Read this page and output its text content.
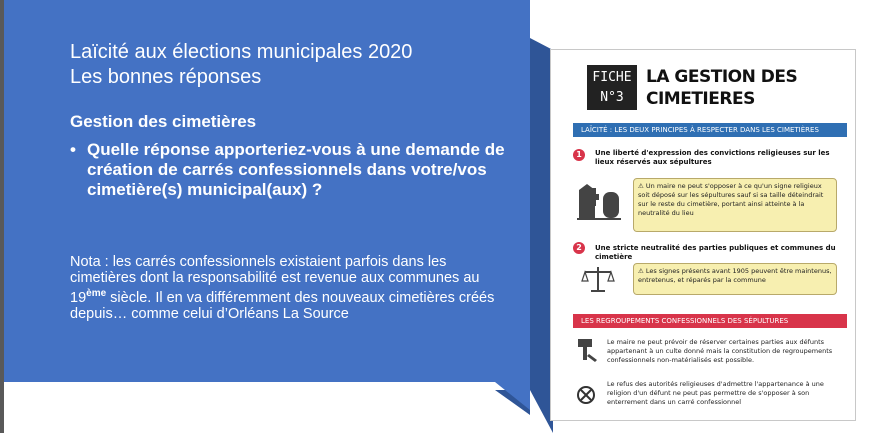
Laïcité aux élections municipales 2020
Les bonnes réponses
Gestion des cimetières
• Quelle réponse apporteriez-vous à une demande de création de carrés confessionnels dans votre/vos cimetière(s) municipal(aux) ?
Nota : les carrés confessionnels existaient parfois dans les cimetières dont la responsabilité est revenue aux communes au 19ème siècle. Il en va différemment des nouveaux cimetières créés depuis… comme celui d’Orléans La Source
FICHE
N°3
LA GESTION DES
CIMETIERES
LAÏCITÉ : LES DEUX PRINCIPES À RESPECTER DANS LES CIMETIÈRES
1	Une liberté d'expression des convictions religieuses sur les lieux réservés aux sépultures
⚠ Un maire ne peut s'opposer à ce qu'un signe religieux soit déposé sur les sépultures sauf si sa taille déteindrait sur le reste du cimetière, portant ainsi atteinte à la neutralité du lieu
2	Une stricte neutralité des parties publiques et communes du cimetière
⚠ Les signes présents avant 1905 peuvent être maintenus, entretenus, et réparés par la commune
LES REGROUPEMENTS CONFESSIONNELS DES SÉPULTURES
Le maire ne peut prévoir de réserver certaines parties aux défunts appartenant à un culte donné mais la constitution de regroupements confessionnels non-matérialisés est possible.
Le refus des autorités religieuses d'admettre l'appartenance à une religion d'un défunt ne peut pas permettre de s'opposer à son enterrement dans un carré confessionnel
